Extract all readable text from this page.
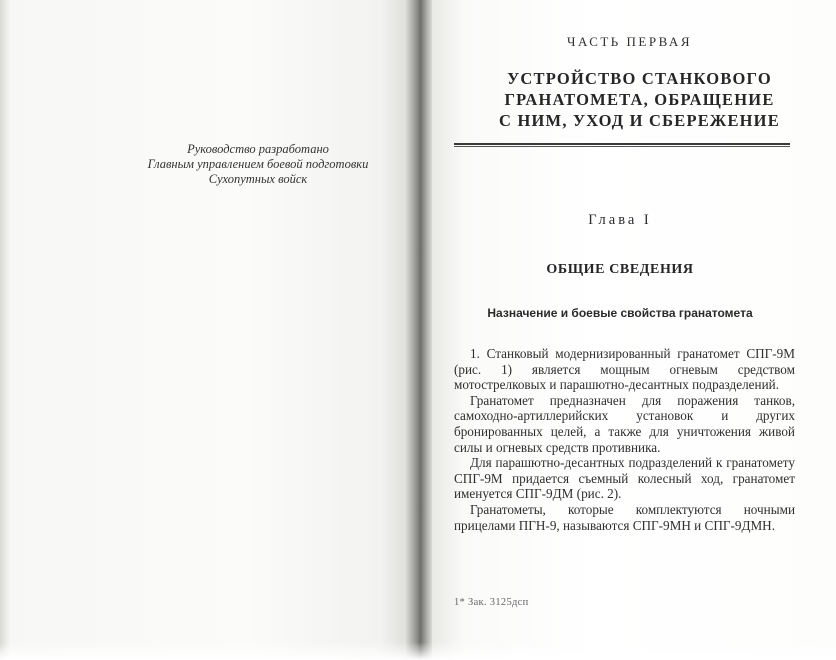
Руководство разработано
Главным управлением боевой подготовки
Сухопутных войск
ЧАСТЬ ПЕРВАЯ
УСТРОЙСТВО СТАНКОВОГО
ГРАНАТОМЕТА, ОБРАЩЕНИЕ
С НИМ, УХОД И СБЕРЕЖЕНИЕ
Глава I
ОБЩИЕ СВЕДЕНИЯ
Назначение и боевые свойства гранатомета

1. Станковый модернизированный гранатомет СПГ-9М (рис. 1) является мощным огневым средством мотострелковых и парашютно-десантных подразделений.

Гранатомет предназначен для поражения танков, самоходно-артиллерийских установок и других бронированных целей, а также для уничтожения живой силы и огневых средств противника.

Для парашютно-десантных подразделений к гранатомету СПГ-9М придается съемный колесный ход, гранатомет именуется СПГ-9ДМ (рис. 2).

Гранатометы, которые комплектуются ночными прицелами ПГН-9, называются СПГ-9МН и СПГ-9ДМН.

1* Зак. 3125дсп
